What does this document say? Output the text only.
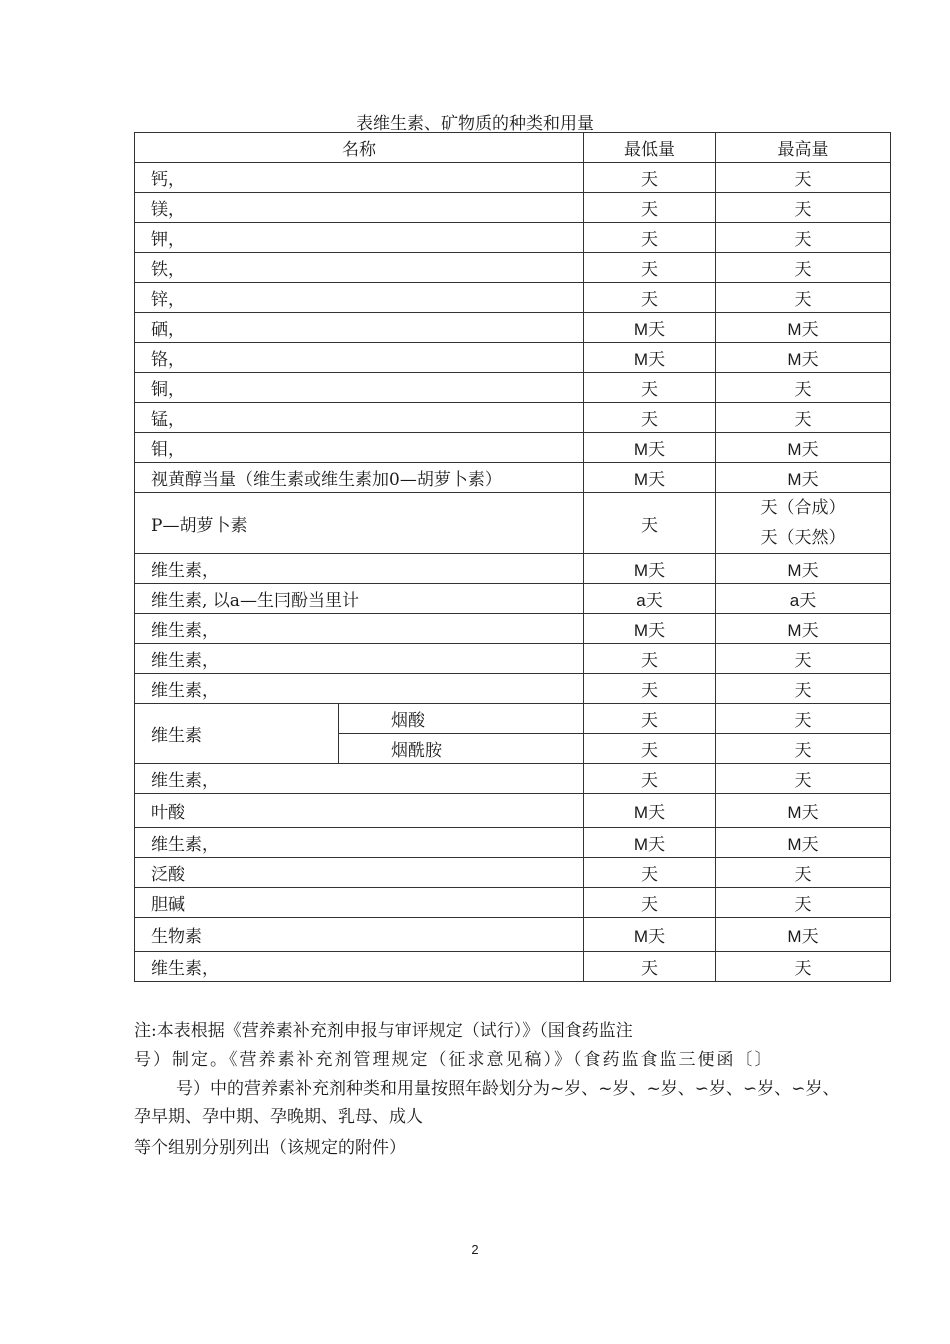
表维生素、矿物质的种类和用量
名称		最低量	最高量
钙，		天	天
镁，		天	天
钾，		天	天
铁，		天	天
锌，		天	天
硒，		M天	M天
铬，		M天	M天
铜，		天	天
锰，		天	天
钼，		M天	M天
视黄醇当量（维生素或维生素加0—胡萝卜素）		M天	M天
P—胡萝卜素		天	天（合成）
天（天然）

维生素，		M天	M天
维生素, 以a—生冃酚当里计		a天	a天
维生素，		M天	M天
维生素，		天	天
维生素，		天	天
维生素	烟酸	天	天
	烟酰胺	天	天
维生素，		天	天
叶酸		M天	M天
维生素，		M天	M天
泛酸		天	天
胆碱		天	天
生物素		M天	M天
维生素，		天	天
注:本表根据《营养素补充剂申报与审评规定（试行）》（国食药监注
号）制定。《营养素补充剂管理规定（征求意见稿）》（食药监食监三便函〔〕
号）中的营养素补充剂种类和用量按照年龄划分为~岁、~岁、~岁、∽岁、∽岁、∽岁、
孕早期、孕中期、孕晚期、乳母、成人
等个组别分别列出（该规定的附件）
2
